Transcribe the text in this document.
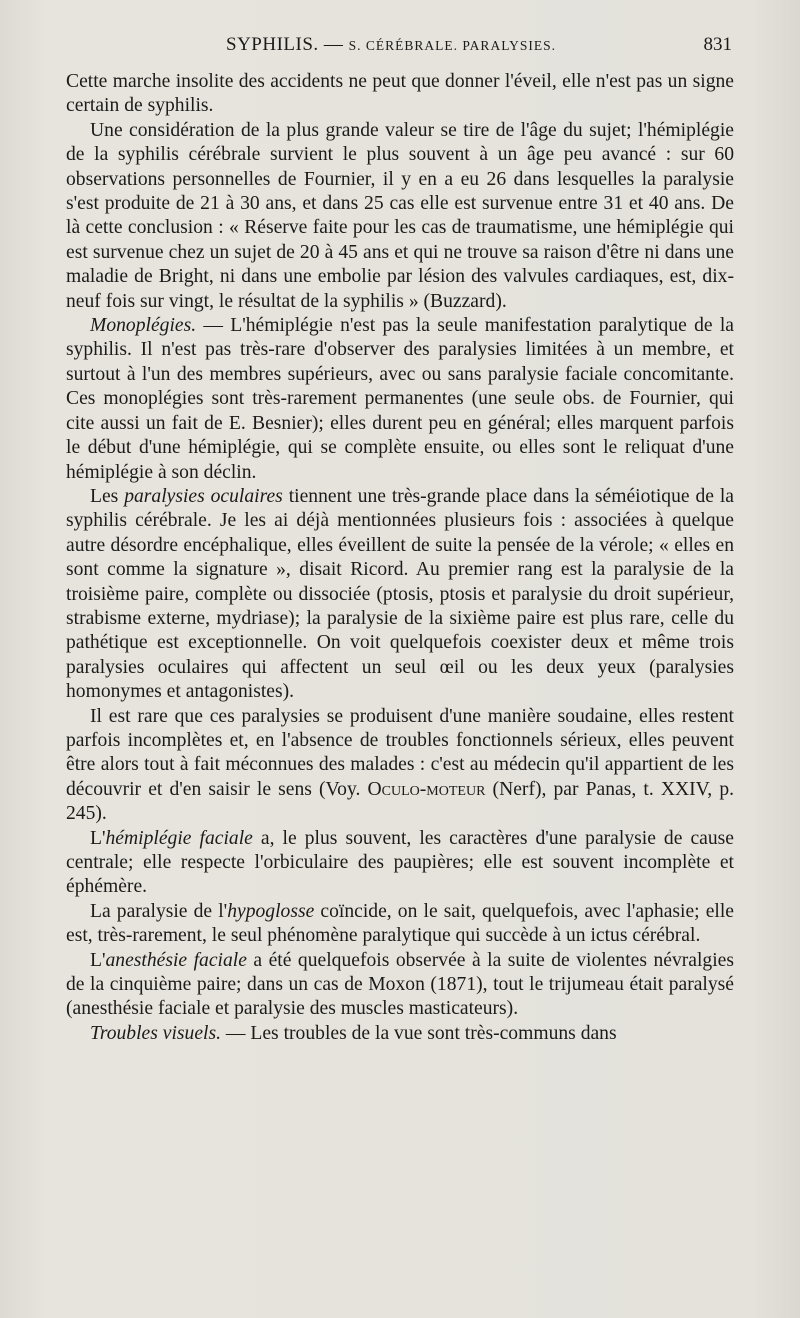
SYPHILIS. — S. CÉRÉBRALE. PARALYSIES.	831

Cette marche insolite des accidents ne peut que donner l'éveil, elle n'est pas un signe certain de syphilis.

Une considération de la plus grande valeur se tire de l'âge du sujet; l'hémiplégie de la syphilis cérébrale survient le plus souvent à un âge peu avancé : sur 60 observations personnelles de Fournier, il y en a eu 26 dans lesquelles la paralysie s'est produite de 21 à 30 ans, et dans 25 cas elle est survenue entre 31 et 40 ans. De là cette conclusion : « Réserve faite pour les cas de traumatisme, une hémiplégie qui est survenue chez un sujet de 20 à 45 ans et qui ne trouve sa raison d'être ni dans une maladie de Bright, ni dans une embolie par lésion des valvules cardiaques, est, dix-neuf fois sur vingt, le résultat de la syphilis » (Buzzard).

Monoplégies. — L'hémiplégie n'est pas la seule manifestation paralytique de la syphilis. Il n'est pas très-rare d'observer des paralysies limitées à un membre, et surtout à l'un des membres supérieurs, avec ou sans paralysie faciale concomitante. Ces monoplégies sont très-rarement permanentes (une seule obs. de Fournier, qui cite aussi un fait de E. Besnier); elles durent peu en général; elles marquent parfois le début d'une hémiplégie, qui se complète ensuite, ou elles sont le reliquat d'une hémiplégie à son déclin.

Les paralysies oculaires tiennent une très-grande place dans la séméiotique de la syphilis cérébrale. Je les ai déjà mentionnées plusieurs fois : associées à quelque autre désordre encéphalique, elles éveillent de suite la pensée de la vérole; « elles en sont comme la signature », disait Ricord. Au premier rang est la paralysie de la troisième paire, complète ou dissociée (ptosis, ptosis et paralysie du droit supérieur, strabisme externe, mydriase); la paralysie de la sixième paire est plus rare, celle du pathétique est exceptionnelle. On voit quelquefois coexister deux et même trois paralysies oculaires qui affectent un seul œil ou les deux yeux (paralysies homonymes et antagonistes).

Il est rare que ces paralysies se produisent d'une manière soudaine, elles restent parfois incomplètes et, en l'absence de troubles fonctionnels sérieux, elles peuvent être alors tout à fait méconnues des malades : c'est au médecin qu'il appartient de les découvrir et d'en saisir le sens (Voy. Oculo-moteur (Nerf), par Panas, t. XXIV, p. 245).

L'hémiplégie faciale a, le plus souvent, les caractères d'une paralysie de cause centrale; elle respecte l'orbiculaire des paupières; elle est souvent incomplète et éphémère.

La paralysie de l'hypoglosse coïncide, on le sait, quelquefois, avec l'aphasie; elle est, très-rarement, le seul phénomène paralytique qui succède à un ictus cérébral.

L'anesthésie faciale a été quelquefois observée à la suite de violentes névralgies de la cinquième paire; dans un cas de Moxon (1871), tout le trijumeau était paralysé (anesthésie faciale et paralysie des muscles masticateurs).

Troubles visuels. — Les troubles de la vue sont très-communs dans
